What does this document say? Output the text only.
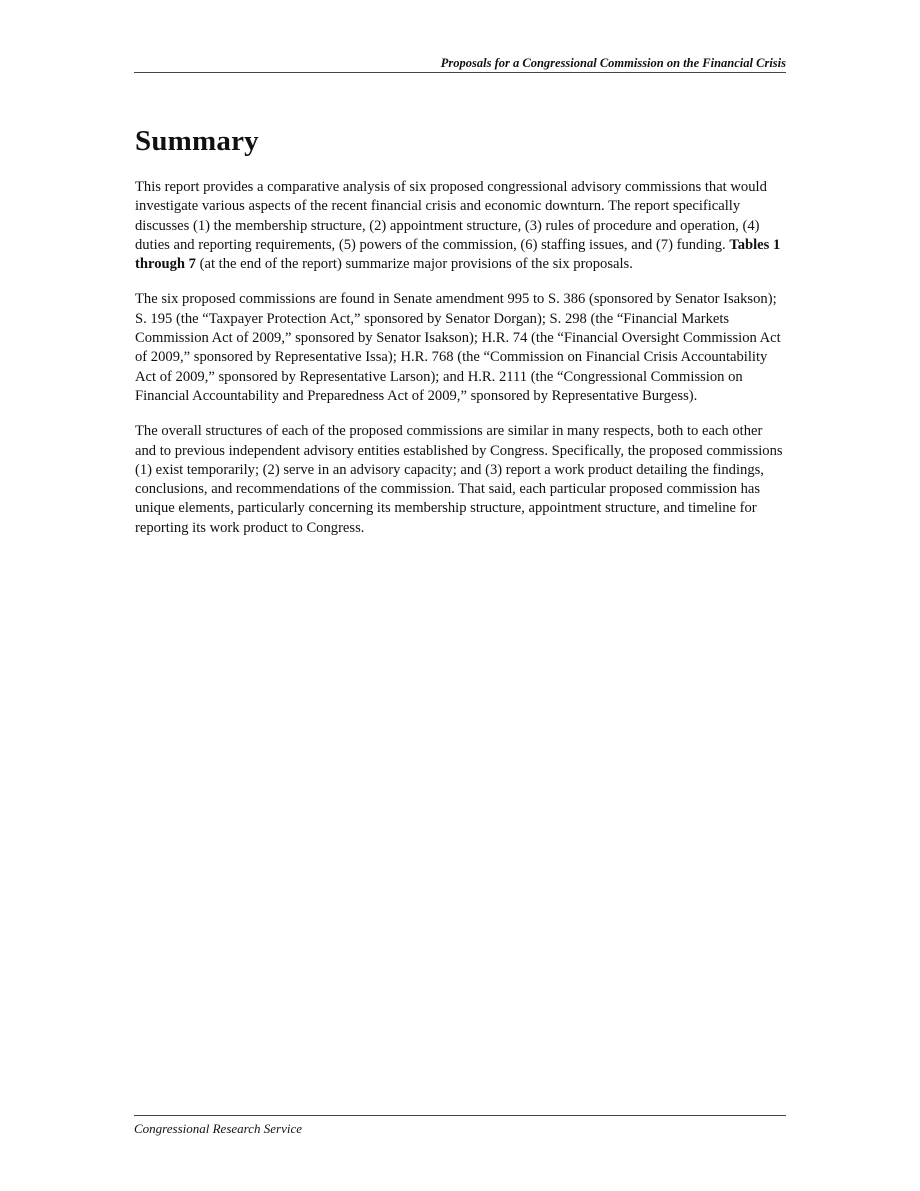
Proposals for a Congressional Commission on the Financial Crisis
Summary

This report provides a comparative analysis of six proposed congressional advisory commissions that would investigate various aspects of the recent financial crisis and economic downturn. The report specifically discusses (1) the membership structure, (2) appointment structure, (3) rules of procedure and operation, (4) duties and reporting requirements, (5) powers of the commission, (6) staffing issues, and (7) funding. Tables 1 through 7 (at the end of the report) summarize major provisions of the six proposals.

The six proposed commissions are found in Senate amendment 995 to S. 386 (sponsored by Senator Isakson); S. 195 (the “Taxpayer Protection Act,” sponsored by Senator Dorgan); S. 298 (the “Financial Markets Commission Act of 2009,” sponsored by Senator Isakson); H.R. 74 (the “Financial Oversight Commission Act of 2009,” sponsored by Representative Issa); H.R. 768 (the “Commission on Financial Crisis Accountability Act of 2009,” sponsored by Representative Larson); and H.R. 2111 (the “Congressional Commission on Financial Accountability and Preparedness Act of 2009,” sponsored by Representative Burgess).

The overall structures of each of the proposed commissions are similar in many respects, both to each other and to previous independent advisory entities established by Congress. Specifically, the proposed commissions (1) exist temporarily; (2) serve in an advisory capacity; and (3) report a work product detailing the findings, conclusions, and recommendations of the commission. That said, each particular proposed commission has unique elements, particularly concerning its membership structure, appointment structure, and timeline for reporting its work product to Congress.

Congressional Research Service
